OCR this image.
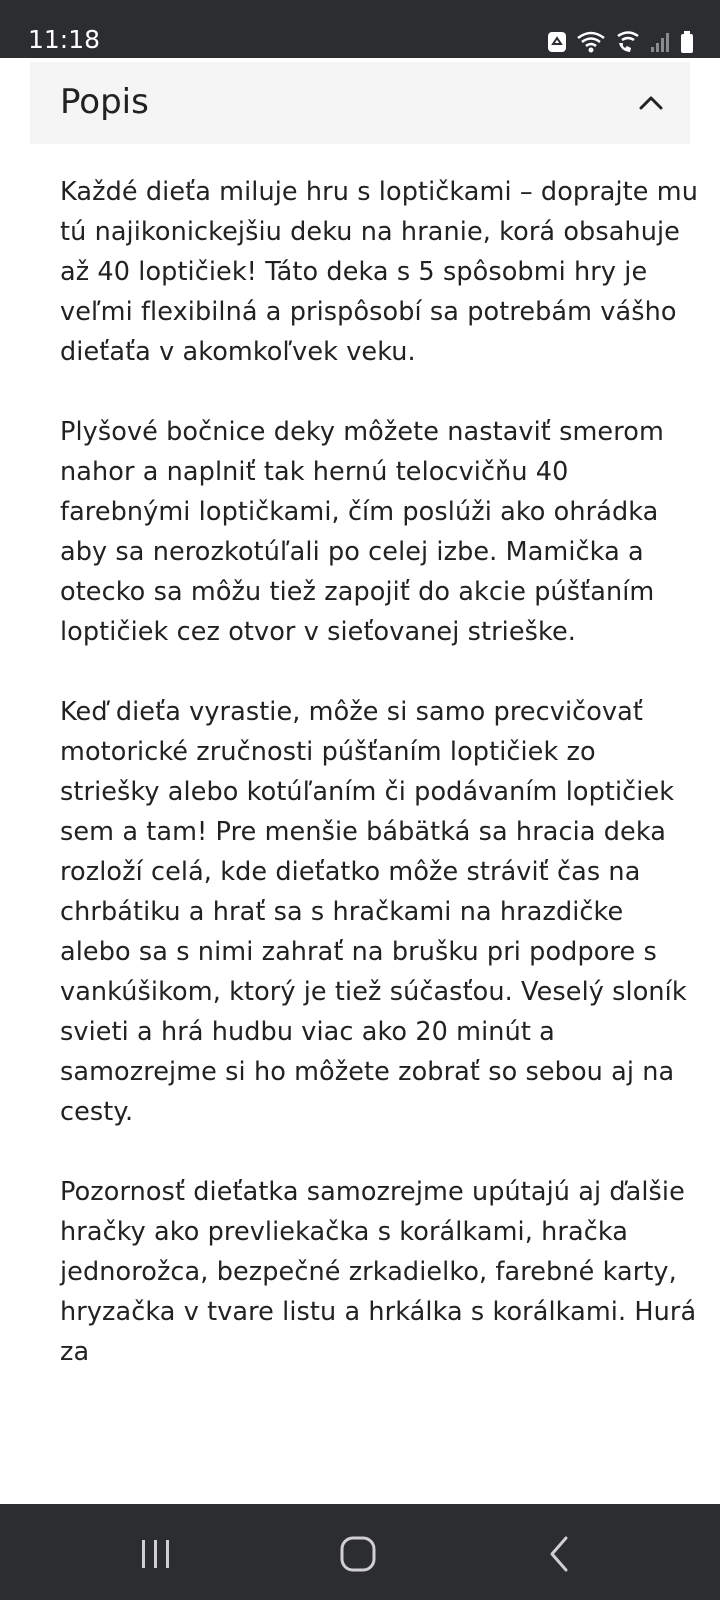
11:18
Popis

Každé dieťa miluje hru s loptičkami – doprajte mu tú najikonickejšiu deku na hranie, korá obsahuje až 40 loptičiek! Táto deka s 5 spôsobmi hry je veľmi flexibilná a prispôsobí sa potrebám vášho dieťaťa v akomkoľvek veku.

Plyšové bočnice deky môžete nastaviť smerom nahor a naplniť tak hernú telocvičňu 40 farebnými loptičkami, čím poslúži ako ohrádka aby sa nerozkotúľali po celej izbe. Mamička a otecko sa môžu tiež zapojiť do akcie púšťaním loptičiek cez otvor v sieťovanej strieške.

Keď dieťa vyrastie, môže si samo precvičovať motorické zručnosti púšťaním loptičiek zo striešky alebo kotúľaním či podávaním loptičiek sem a tam! Pre menšie bábätká sa hracia deka rozloží celá, kde dieťatko môže stráviť čas na chrbátiku a hrať sa s hračkami na hrazdičke alebo sa s nimi zahrať na brušku pri podpore s vankúšikom, ktorý je tiež súčasťou. Veselý sloník svieti a hrá hudbu viac ako 20 minút a samozrejme si ho môžete zobrať so sebou aj na cesty.

Pozornosť dieťatka samozrejme upútajú aj ďalšie hračky ako prevliekačka s korálkami, hračka jednorožca, bezpečné zrkadielko, farebné karty, hryzačka v tvare listu a hrkálka s korálkami. Hurá za
